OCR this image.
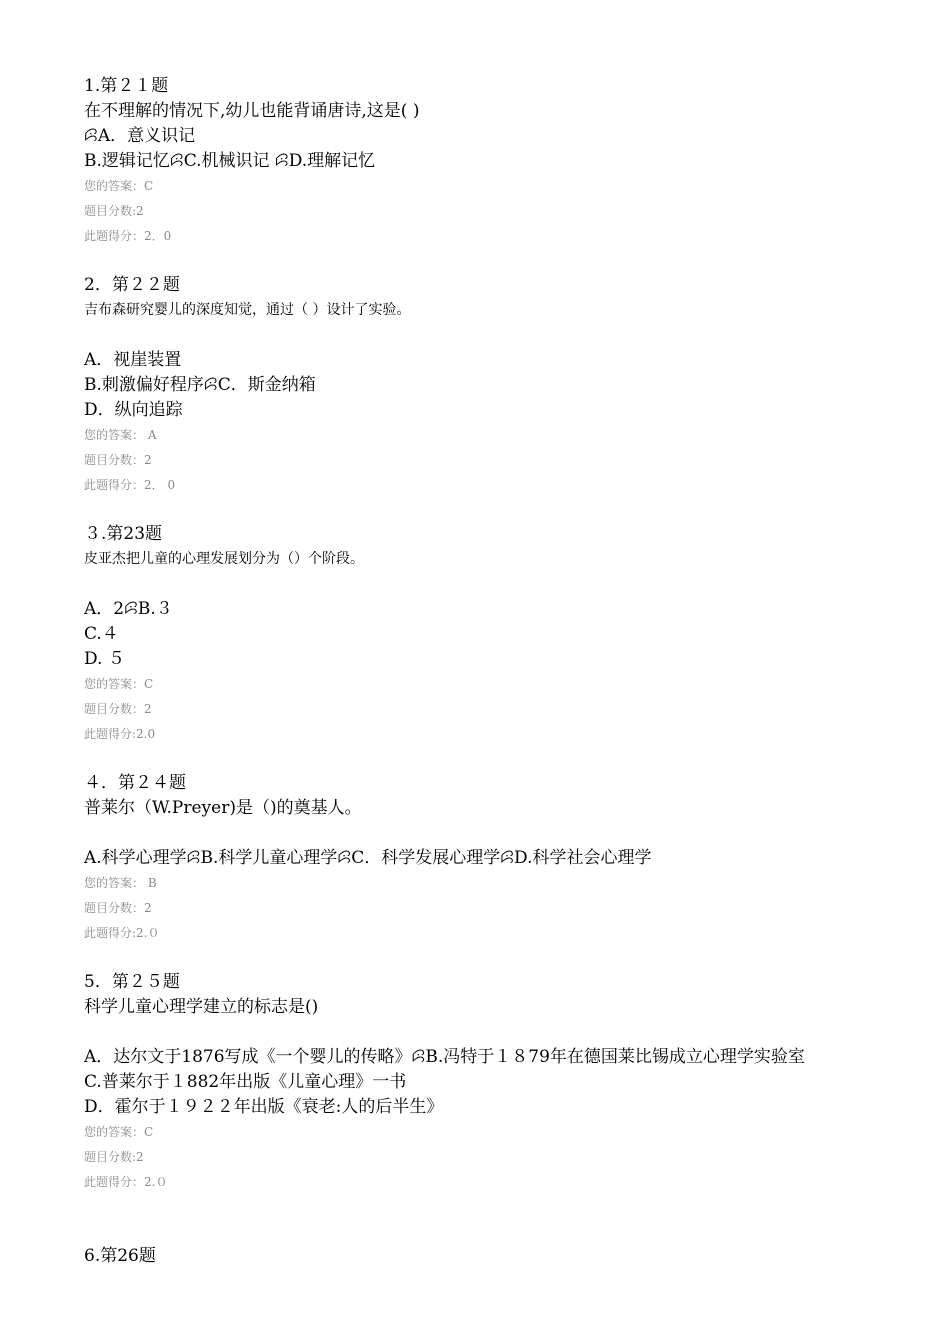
1.第２１题
在不理解的情况下,幼儿也能背诵唐诗,这是( )
ꕸA．意义识记
B.逻辑记忆ꕸC.机械识记 ꕸD.理解记忆
您的答案：C
题目分数:2
此题得分：2．0
2．第２２题
吉布森研究婴儿的深度知觉，通过（ ）设计了实验。
A．视崖装置
B.刺激偏好程序ꕸC．斯金纳箱
D．纵向追踪
您的答案： A
题目分数：2
此题得分：2． 0
３.第23题
皮亚杰把儿童的心理发展划分为（）个阶段。
A．2ꕸB.３
C.４
D. ５
您的答案：C
题目分数：2
此题得分:2.0
４．第２４题
普莱尔（W.Preyer)是（)的奠基人。
A.科学心理学ꕸB.科学儿童心理学ꕸC．科学发展心理学ꕸD.科学社会心理学
您的答案： B
题目分数：2
此题得分:2.０
5．第２５题
科学儿童心理学建立的标志是()
A．达尔文于1876写成《一个婴儿的传略》ꕸB.冯特于１８79年在德国莱比锡成立心理学实验室
C.普莱尔于１882年出版《儿童心理》一书
D．霍尔于１９２２年出版《衰老:人的后半生》
您的答案：C
题目分数:2
此题得分：2.０
6.第26题
